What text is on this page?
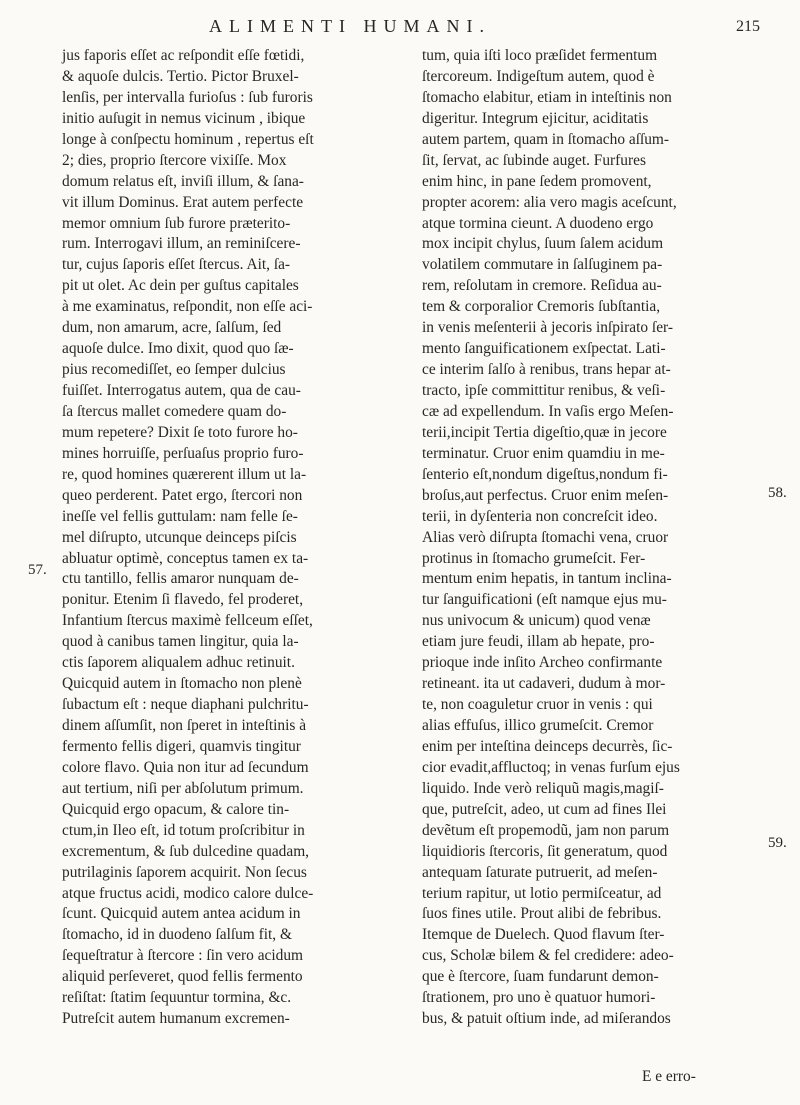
ALIMENTI HUMANI.	215
jus faporis eſſet ac reſpondit eſſe fœtidi,
& aquoſe dulcis. Tertio. Pictor Bruxel-
lenſis, per intervalla furioſus : ſub furoris
initio auſugit in nemus vicinum , ibique
longe à conſpectu hominum , repertus eſt
2; dies, proprio ſtercore vixiſſe. Mox
domum relatus eſt, inviſi illum, & ſana-
vit illum Dominus. Erat autem perfecte
memor omnium ſub furore præterito-
rum. Interrogavi illum, an reminiſcere-
tur, cujus ſaporis eſſet ſtercus. Ait, ſa-
pit ut olet. Ac dein per guſtus capitales
à me examinatus, reſpondit, non eſſe aci-
dum, non amarum, acre, ſalſum, ſed
aquoſe dulce. Imo dixit, quod quo ſæ-
pius recomediſſet, eo ſemper dulcius
fuiſſet. Interrogatus autem, qua de cau-
ſa ſtercus mallet comedere quam do-
mum repetere? Dixit ſe toto furore ho-
mines horruiſſe, perſuaſus proprio furo-
re, quod homines quærerent illum ut la-
queo perderent. Patet ergo, ſtercori non
ineſſe vel fellis guttulam: nam felle ſe-
mel diſrupto, utcunque deinceps piſcis
abluatur optimè, conceptus tamen ex ta-
ctu tantillo, fellis amaror nunquam de-
ponitur. Etenim ſi flavedo, fel proderet,
Infantium ſtercus maximè fellceum eſſet,
quod à canibus tamen lingitur, quia la-
ctis ſaporem aliqualem adhuc retinuit.
Quicquid autem in ſtomacho non plenè
ſubactum eſt : neque diaphani pulchritu-
dinem aſſumſit, non ſperet in inteſtinis à
fermento fellis digeri, quamvis tingitur
colore flavo. Quia non itur ad ſecundum
aut tertium, niſi per abſolutum primum.
Quicquid ergo opacum, & calore tin-
ctum,in Ileo eſt, id totum proſcribitur in
excrementum, & ſub dulcedine quadam,
putrilaginis ſaporem acquirit. Non ſecus
atque fructus acidi, modico calore dulce-
ſcunt. Quicquid autem antea acidum in
ſtomacho, id in duodeno ſalſum fit, &
ſequeſtratur à ſtercore : ſin vero acidum
aliquid perſeveret, quod fellis fermento
reſiſtat: ſtatim ſequuntur tormina, &c.
Putreſcit autem humanum excremen-
tum, quia iſti loco præſidet fermentum
ſtercoreum. Indigeſtum autem, quod è
ſtomacho elabitur, etiam in inteſtinis non
digeritur. Integrum ejicitur, aciditatis
autem partem, quam in ſtomacho aſſum-
ſit, ſervat, ac ſubinde auget. Furfures
enim hinc, in pane ſedem promovent,
propter acorem: alia vero magis aceſcunt,
atque tormina cieunt. A duodeno ergo
mox incipit chylus, ſuum ſalem acidum
volatilem commutare in ſalſuginem pa-
rem, reſolutam in cremore. Reſidua au-
tem & corporalior Cremoris ſubſtantia,
in venis meſenterii à jecoris inſpirato ſer-
mento ſanguificationem exſpectat. Lati-
ce interim ſalſo à renibus, trans hepar at-
tracto, ipſe committitur renibus, & veſi-
cæ ad expellendum. In vaſis ergo Meſen-
terii,incipit Tertia digeſtio,quæ in jecore
terminatur. Cruor enim quamdiu in me-
ſenterio eſt,nondum digeſtus,nondum fi-
broſus,aut perfectus. Cruor enim meſen-
terii, in dyſenteria non concreſcit ideo.
Alias verò diſrupta ſtomachi vena, cruor
protinus in ſtomacho grumeſcit. Fer-
mentum enim hepatis, in tantum inclina-
tur ſanguificationi (eſt namque ejus mu-
nus univocum & unicum) quod venæ
etiam jure feudi, illam ab hepate, pro-
prioque inde inſito Archeo confirmante
retineant. ita ut cadaveri, dudum à mor-
te, non coaguletur cruor in venis : qui
alias effuſus, illico grumeſcit. Cremor
enim per inteſtina deinceps decurrès, ſic-
cior evadit,affluctoq; in venas furſum ejus
liquido. Inde verò reliquũ magis,magiſ-
que, putreſcit, adeo, ut cum ad fines Ilei
devẽtum eſt propemodũ, jam non parum
liquidioris ſtercoris, ſit generatum, quod
antequam ſaturate putruerit, ad meſen-
terium rapitur, ut lotio permiſceatur, ad
ſuos fines utile. Prout alibi de febribus.
Itemque de Duelech. Quod flavum ſter-
cus, Scholæ bilem & fel credidere: adeo-
que è ſtercore, ſuam fundarunt demon-
ſtrationem, pro uno è quatuor humori-
bus, & patuit oſtium inde, ad miſerandos
57.
58.
59.
E e erro-
